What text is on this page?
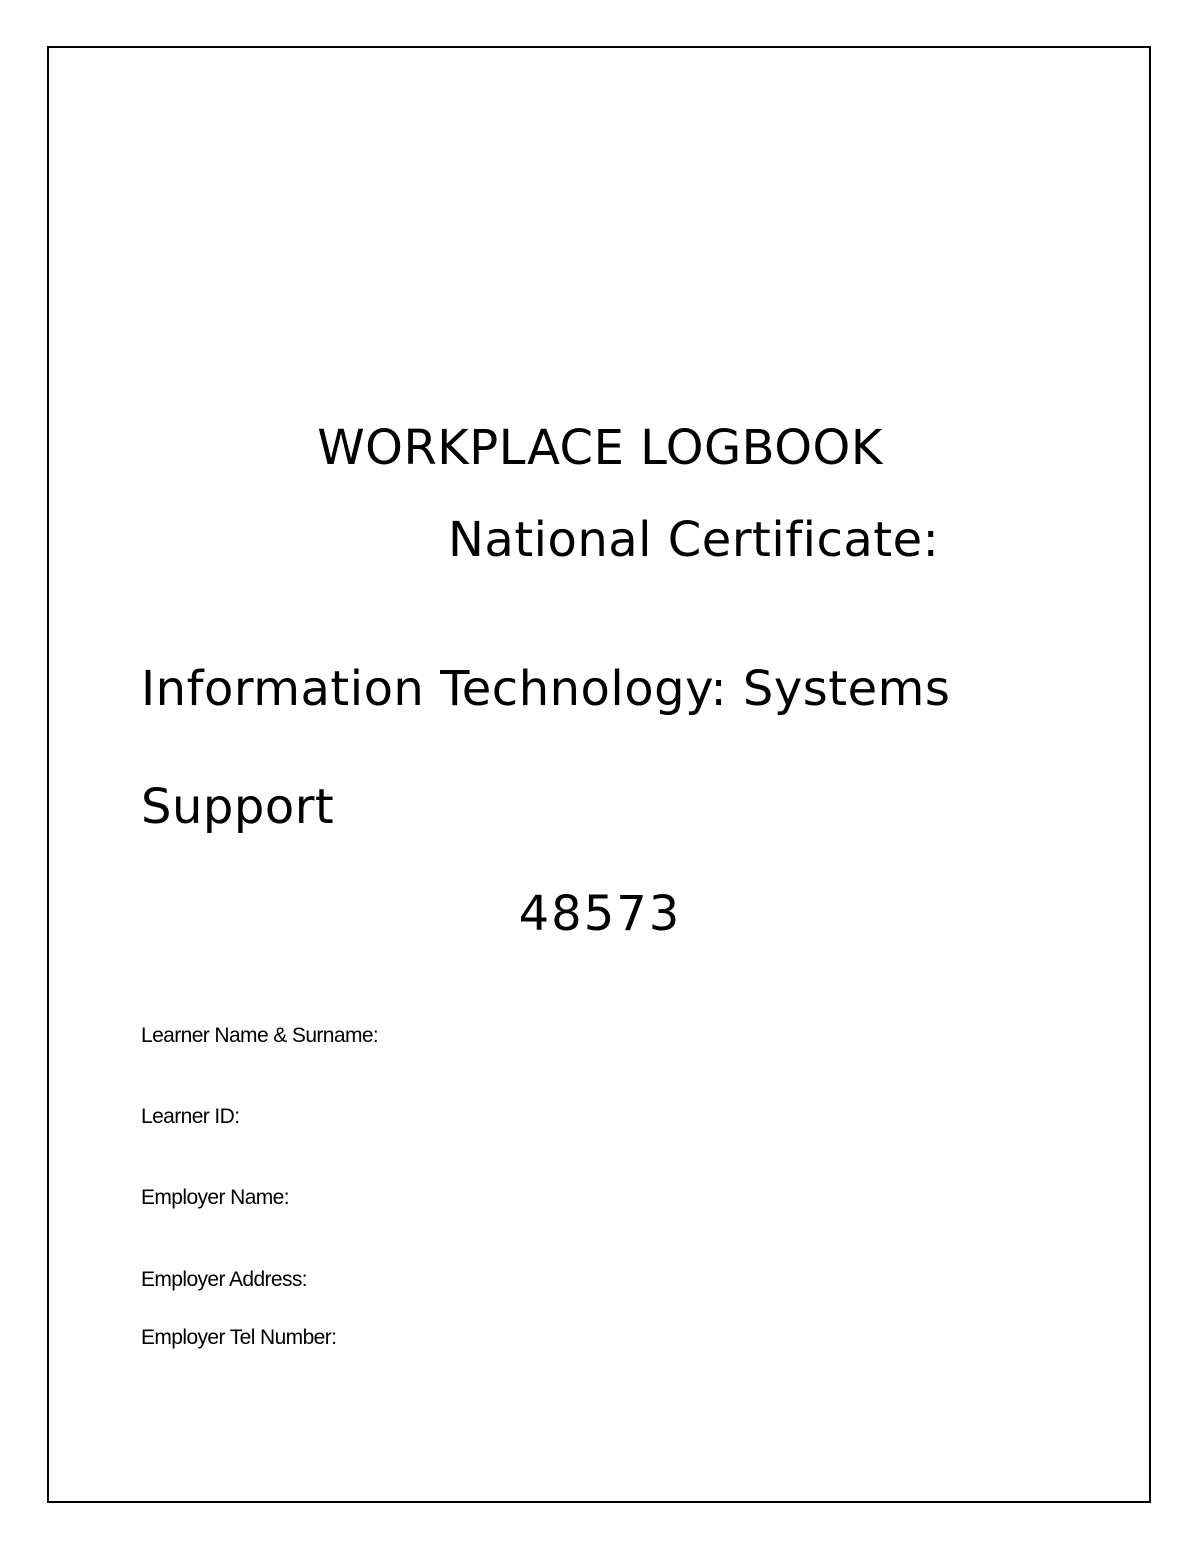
WORKPLACE LOGBOOK
National Certificate:
Information Technology: Systems Support
48573
Learner Name & Surname:
Learner ID:
Employer Name:
Employer Address:
Employer Tel Number:
